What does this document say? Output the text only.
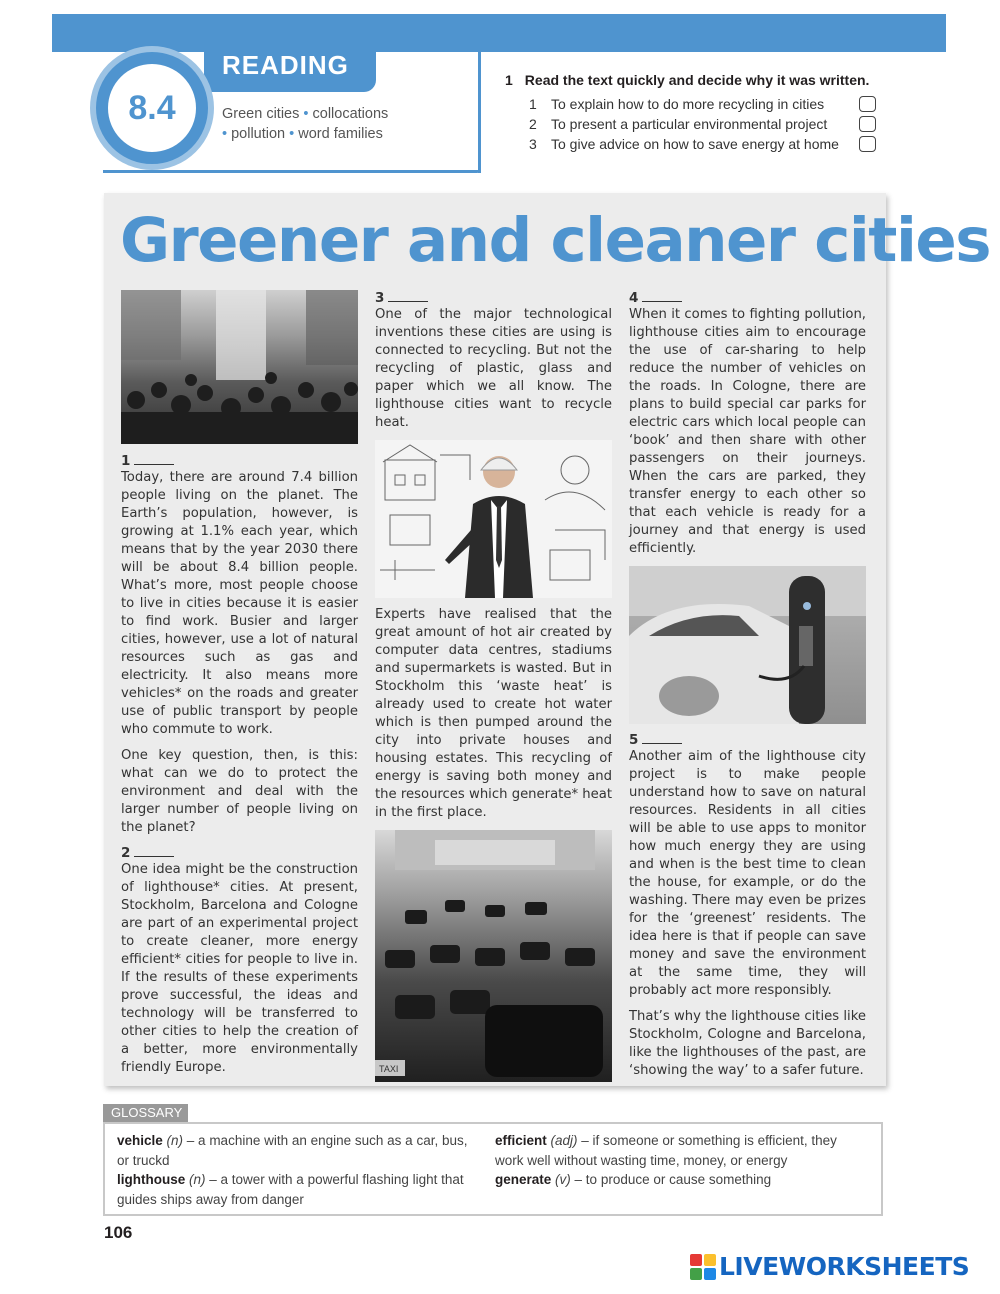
READING
8.4	Green cities • collocations
• pollution • word families
1 Read the text quickly and decide why it was written.
1 To explain how to do more recycling in cities
2 To present a particular environmental project
3 To give advice on how to save energy at home
Greener and cleaner cities
1

Today, there are around 7.4 billion people living on the planet. The Earth’s population, however, is growing at 1.1% each year, which means that by the year 2030 there will be about 8.4 billion people. What’s more, most people choose to live in cities because it is easier to find work. Busier and larger cities, however, use a lot of natural resources such as gas and electricity. It also means more vehicles* on the roads and greater use of public transport by people who commute to work.

One key question, then, is this: what can we do to protect the environment and deal with the larger number of people living on the planet?

2

One idea might be the construction of lighthouse* cities. At present, Stockholm, Barcelona and Cologne are part of an experimental project to create cleaner, more energy efficient* cities for people to live in. If the results of these experiments prove successful, the ideas and technology will be transferred to other cities to help the creation of a better, more environmentally friendly Europe.

3

One of the major technological inventions these cities are using is connected to recycling. But not the recycling of plastic, glass and paper which we all know. The lighthouse cities want to recycle heat.

Experts have realised that the great amount of hot air created by computer data centres, stadiums and supermarkets is wasted. But in Stockholm this ‘waste heat’ is already used to create hot water which is then pumped around the city into private houses and housing estates. This recycling of energy is saving both money and the resources which generate* heat in the first place.

TAXI
4

When it comes to fighting pollution, lighthouse cities aim to encourage the use of car-sharing to help reduce the number of vehicles on the roads. In Cologne, there are plans to build special car parks for electric cars which local people can ‘book’ and then share with other passengers on their journeys. When the cars are parked, they transfer energy to each other so that each vehicle is ready for a journey and that energy is used efficiently.

5

Another aim of the lighthouse city project is to make people understand how to save on natural resources. Residents in all cities will be able to use apps to monitor how much energy they are using and when is the best time to clean the house, for example, or do the washing. There may even be prizes for the ‘greenest’ residents. The idea here is that if people can save money and save the environment at the same time, they will probably act more responsibly.

That’s why the lighthouse cities like Stockholm, Cologne and Barcelona, like the lighthouses of the past, are ‘showing the way’ to a safer future.

GLOSSARY
vehicle (n) – a machine with an engine such as a car, bus, or truckd
lighthouse (n) – a tower with a powerful flashing light that guides ships away from danger
efficient (adj) – if someone or something is efficient, they work well without wasting time, money, or energy
generate (v) – to produce or cause something
106
LIVEWORKSHEETS
